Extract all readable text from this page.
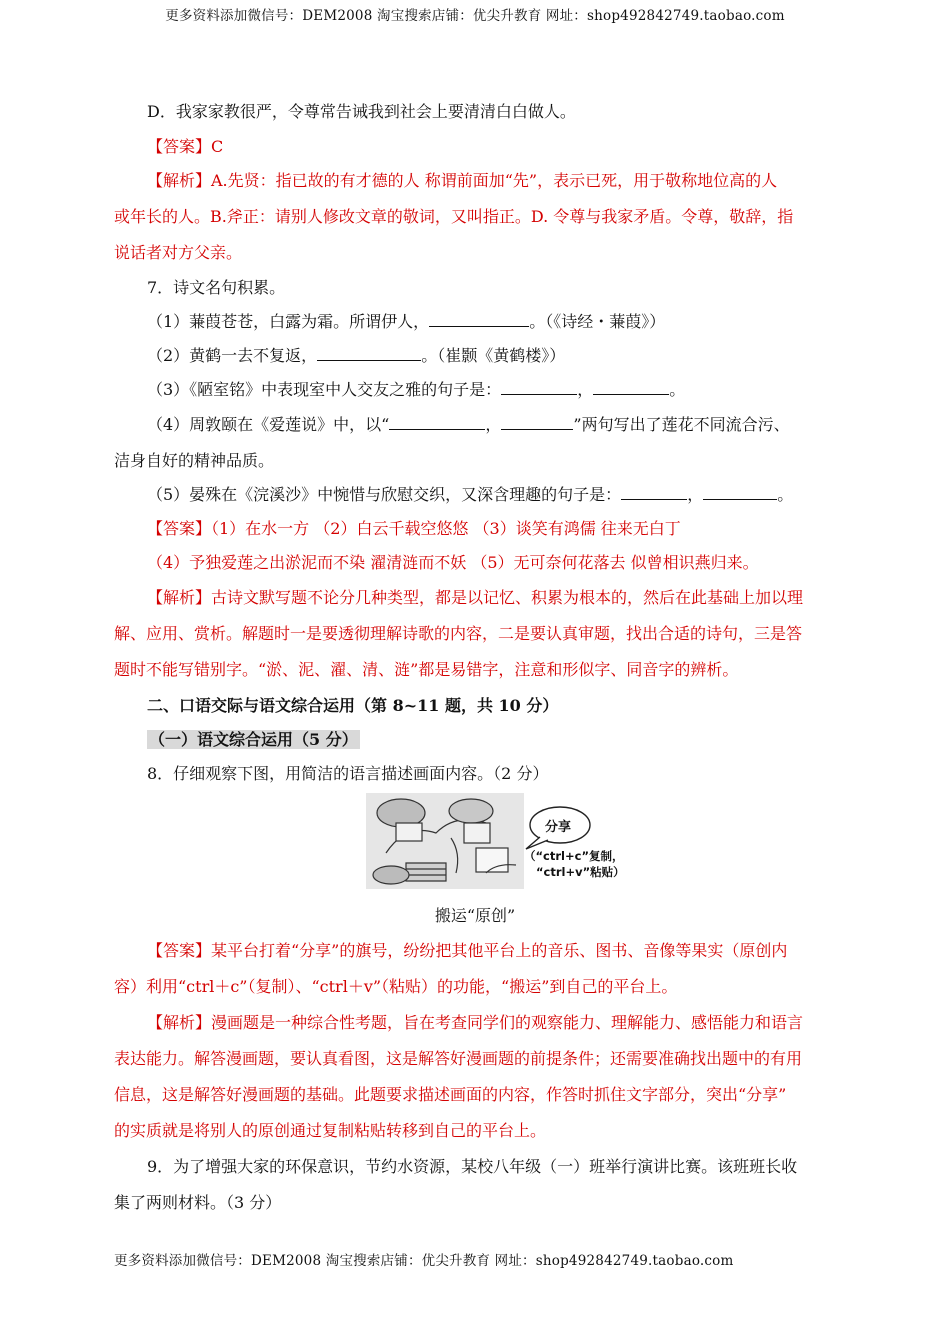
更多资料添加微信号：DEM2008 淘宝搜索店铺：优尖升教育 网址：shop492842749.taobao.com
D．我家家教很严，令尊常告诫我到社会上要清清白白做人。
【答案】C
【解析】A.先贤：指已故的有才德的人 称谓前面加“先”，表示已死，用于敬称地位高的人
或年长的人。B.斧正：请别人修改文章的敬词，又叫指正。D. 令尊与我家矛盾。令尊，敬辞，指
说话者对方父亲。
7．诗文名句积累。
（1）蒹葭苍苍，白露为霜。所谓伊人，	。（《诗经・蒹葭》）
（2）黄鹤一去不复返，	。（崔颢《黄鹤楼》）
（3）《陋室铭》中表现室中人交友之雅的句子是：	，	。
（4）周敦颐在《爱莲说》中，以“	，	”两句写出了莲花不同流合污、
洁身自好的精神品质。
（5）晏殊在《浣溪沙》中惋惜与欣慰交织，又深含理趣的句子是：	，	。
【答案】（1）在水一方 （2）白云千载空悠悠 （3）谈笑有鸿儒 往来无白丁
（4）予独爱莲之出淤泥而不染 濯清涟而不妖 （5）无可奈何花落去 似曾相识燕归来。
【解析】古诗文默写题不论分几种类型，都是以记忆、积累为根本的，然后在此基础上加以理
解、应用、赏析。解题时一是要透彻理解诗歌的内容，二是要认真审题，找出合适的诗句，三是答
题时不能写错别字。“淤、泥、濯、清、涟”都是易错字，注意和形似字、同音字的辨析。
二、口语交际与语文综合运用（第 8~11 题，共 10 分）
（一）语文综合运用（5 分）
8．仔细观察下图，用简洁的语言描述画面内容。（2 分）
分享
（“ctrl+c”复制，
“ctrl+v”粘贴）
搬运“原创”
【答案】某平台打着“分享”的旗号，纷纷把其他平台上的音乐、图书、音像等果实（原创内
容）利用“ctrl＋c”（复制）、“ctrl＋v”（粘贴）的功能，“搬运”到自己的平台上。
【解析】漫画题是一种综合性考题，旨在考查同学们的观察能力、理解能力、感悟能力和语言
表达能力。解答漫画题，要认真看图，这是解答好漫画题的前提条件；还需要准确找出题中的有用
信息，这是解答好漫画题的基础。此题要求描述画面的内容，作答时抓住文字部分，突出“分享”
的实质就是将别人的原创通过复制粘贴转移到自己的平台上。
9．为了增强大家的环保意识，节约水资源，某校八年级（一）班举行演讲比赛。该班班长收
集了两则材料。（3 分）
更多资料添加微信号：DEM2008 淘宝搜索店铺：优尖升教育 网址：shop492842749.taobao.com
